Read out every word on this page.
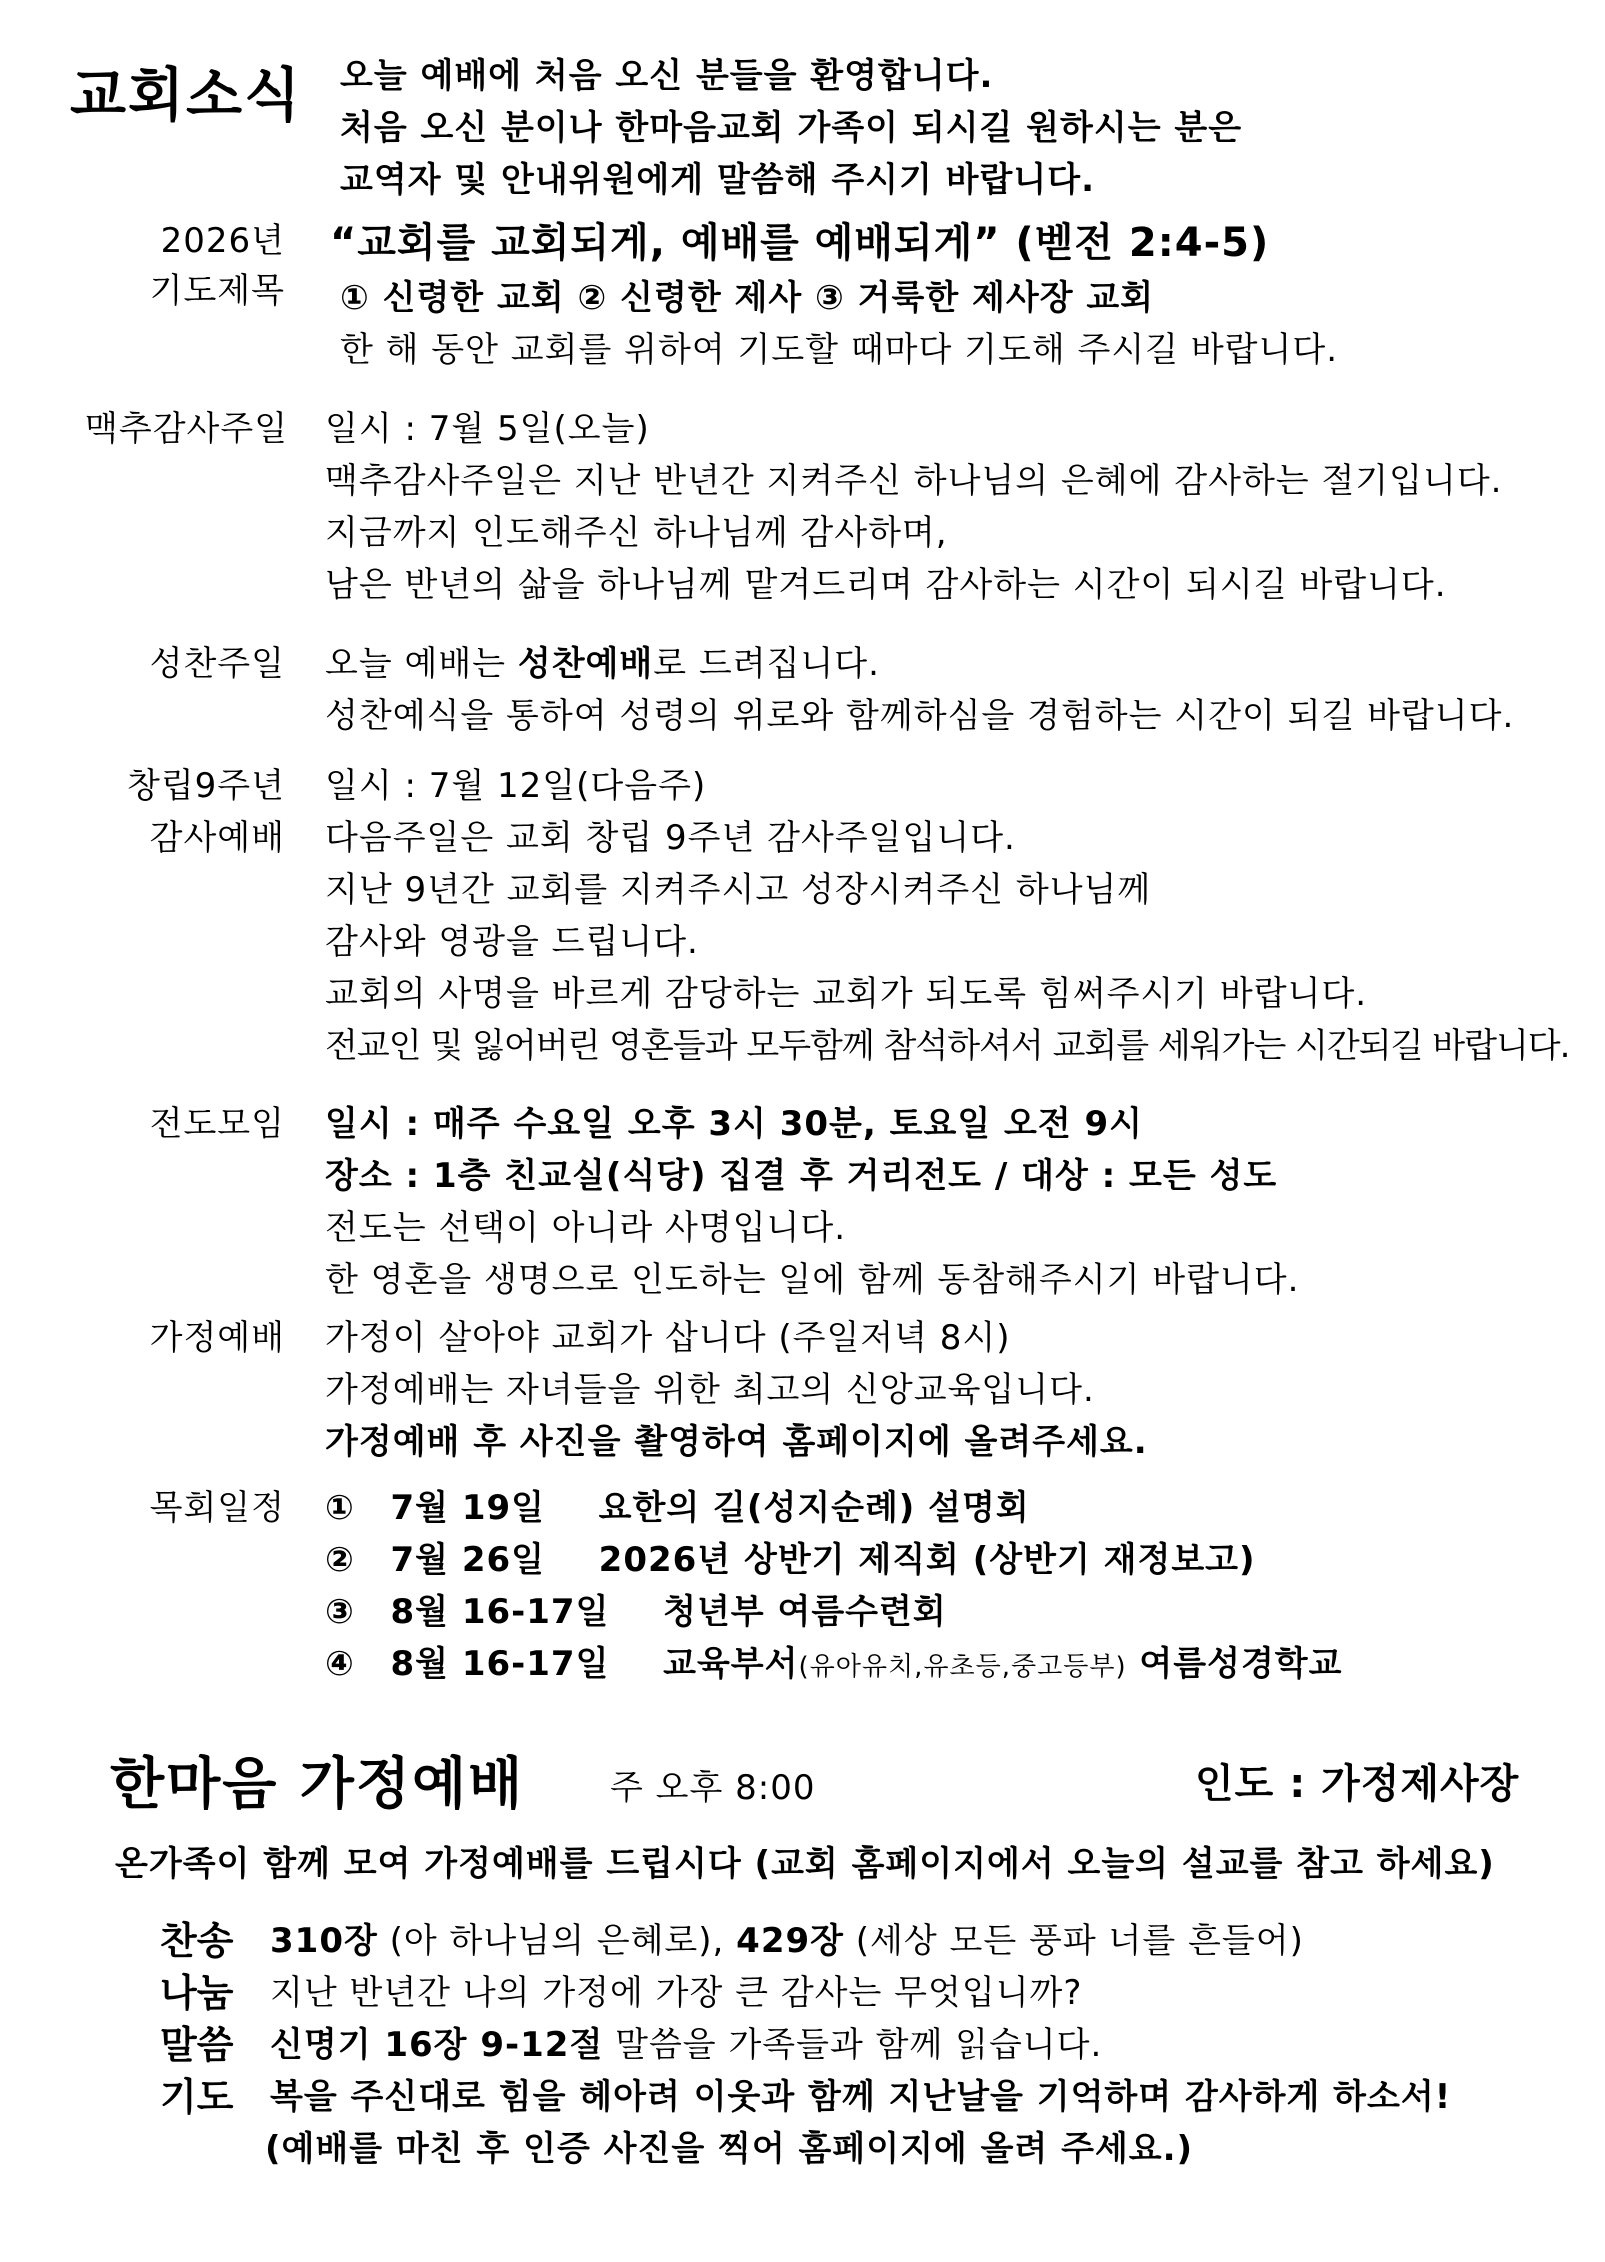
교회소식 오늘 예배에 처음 오신 분들을 환영합니다.
처음 오신 분이나 한마음교회 가족이 되시길 원하시는 분은
교역자 및 안내위원에게 말씀해 주시기 바랍니다.
2026년
기도제목
“교회를 교회되게, 예배를 예배되게” (벧전 2:4-5)
① 신령한 교회 ② 신령한 제사 ③ 거룩한 제사장 교회
한 해 동안 교회를 위하여 기도할 때마다 기도해 주시길 바랍니다.
맥추감사주일 일시 : 7월 5일(오늘)
맥추감사주일은 지난 반년간 지켜주신 하나님의 은혜에 감사하는 절기입니다.
지금까지 인도해주신 하나님께 감사하며,
남은 반년의 삶을 하나님께 맡겨드리며 감사하는 시간이 되시길 바랍니다.
성찬주일 오늘 예배는 성찬예배로 드려집니다.
성찬예식을 통하여 성령의 위로와 함께하심을 경험하는 시간이 되길 바랍니다.
창립9주년
감사예배
일시 : 7월 12일(다음주)
다음주일은 교회 창립 9주년 감사주일입니다.
지난 9년간 교회를 지켜주시고 성장시켜주신 하나님께
감사와 영광을 드립니다.
교회의 사명을 바르게 감당하는 교회가 되도록 힘써주시기 바랍니다.
전교인 및 잃어버린 영혼들과 모두함께 참석하셔서 교회를 세워가는 시간되길 바랍니다.
전도모임 일시 : 매주 수요일 오후 3시 30분, 토요일 오전 9시
장소 : 1층 친교실(식당) 집결 후 거리전도 / 대상 : 모든 성도
전도는 선택이 아니라 사명입니다.
한 영혼을 생명으로 인도하는 일에 함께 동참해주시기 바랍니다.
가정예배 가정이 살아야 교회가 삽니다 (주일저녁 8시)
가정예배는 자녀들을 위한 최고의 신앙교육입니다.
가정예배 후 사진을 촬영하여 홈페이지에 올려주세요.
목회일정 ① 7월 19일 요한의 길(성지순례) 설명회
② 7월 26일 2026년 상반기 제직회 (상반기 재정보고)
③ 8월 16-17일 청년부 여름수련회
④ 8월 16-17일 교육부서(유아유치,유초등,중고등부) 여름성경학교
한마음 가정예배	주 오후 8:00	인도 : 가정제사장
온가족이 함께 모여 가정예배를 드립시다 (교회 홈페이지에서 오늘의 설교를 참고 하세요)
찬송 310장 (아 하나님의 은혜로), 429장 (세상 모든 풍파 너를 흔들어)
나눔 지난 반년간 나의 가정에 가장 큰 감사는 무엇입니까?
말씀 신명기 16장 9-12절 말씀을 가족들과 함께 읽습니다.
기도 복을 주신대로 힘을 헤아려 이웃과 함께 지난날을 기억하며 감사하게 하소서!
(예배를 마친 후 인증 사진을 찍어 홈페이지에 올려 주세요.)
